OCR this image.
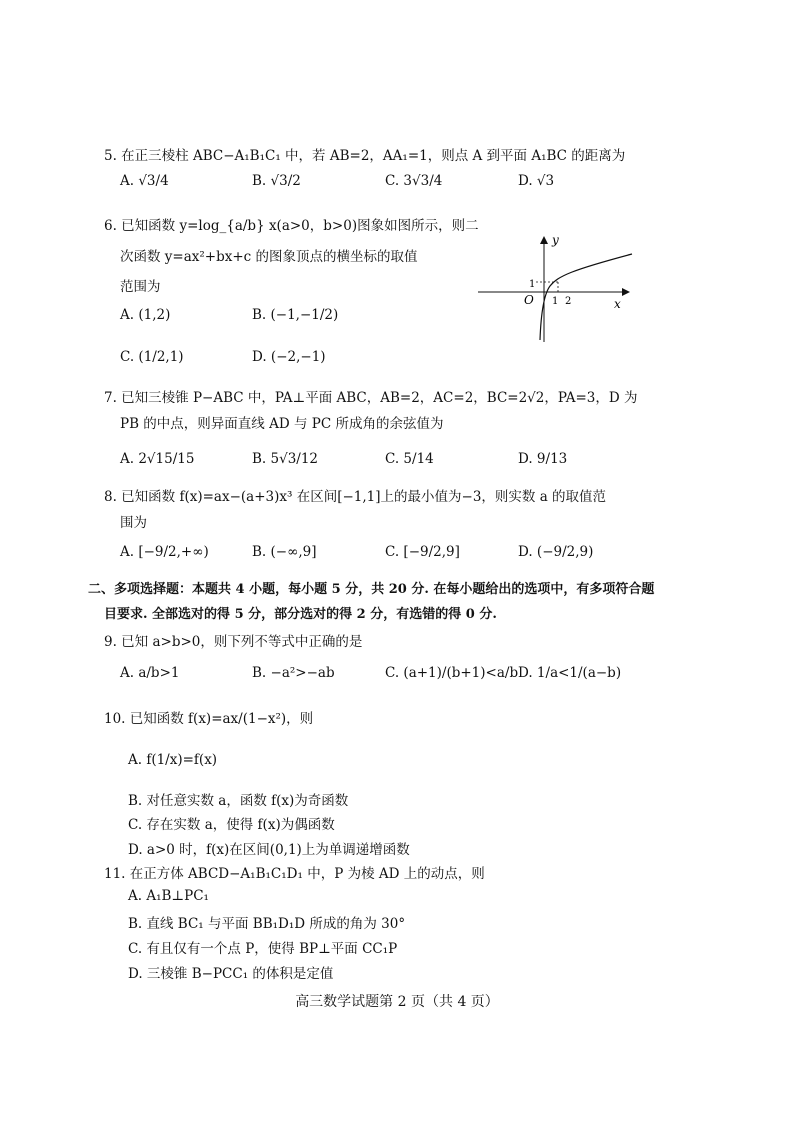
5. 在正三棱柱 ABC−A₁B₁C₁ 中，若 AB=2，AA₁=1，则点 A 到平面 A₁BC 的距离为
A. √3/4	B. √3/2	C. 3√3/4	D. √3
6. 已知函数 y=log_{a/b} x(a>0，b>0)图象如图所示，则二
次函数 y=ax²+bx+c 的图象顶点的横坐标的取值
范围为
A. (1,2)	B. (−1,−1/2)
C. (1/2,1)	D. (−2,−1)
y
x
O
1
1 2
7. 已知三棱锥 P−ABC 中，PA⊥平面 ABC，AB=2，AC=2，BC=2√2，PA=3，D 为
PB 的中点，则异面直线 AD 与 PC 所成角的余弦值为
A. 2√15/15	B. 5√3/12	C. 5/14	D. 9/13
8. 已知函数 f(x)=ax−(a+3)x³ 在区间[−1,1]上的最小值为−3，则实数 a 的取值范
围为
A. [−9/2,+∞)	B. (−∞,9]	C. [−9/2,9]	D. (−9/2,9)
二、多项选择题：本题共 4 小题，每小题 5 分，共 20 分. 在每小题给出的选项中，有多项符合题
目要求. 全部选对的得 5 分，部分选对的得 2 分，有选错的得 0 分.
9. 已知 a>b>0，则下列不等式中正确的是
A. a/b>1	B. −a²>−ab	C. (a+1)/(b+1)<a/b D. 1/a<1/(a−b)
10. 已知函数 f(x)=ax/(1−x²)，则
A. f(1/x)=f(x)
B. 对任意实数 a，函数 f(x)为奇函数
C. 存在实数 a，使得 f(x)为偶函数
D. a>0 时，f(x)在区间(0,1)上为单调递增函数
11. 在正方体 ABCD−A₁B₁C₁D₁ 中，P 为棱 AD 上的动点，则
A. A₁B⊥PC₁
B. 直线 BC₁ 与平面 BB₁D₁D 所成的角为 30°
C. 有且仅有一个点 P，使得 BP⊥平面 CC₁P
D. 三棱锥 B−PCC₁ 的体积是定值
高三数学试题第 2 页（共 4 页）
